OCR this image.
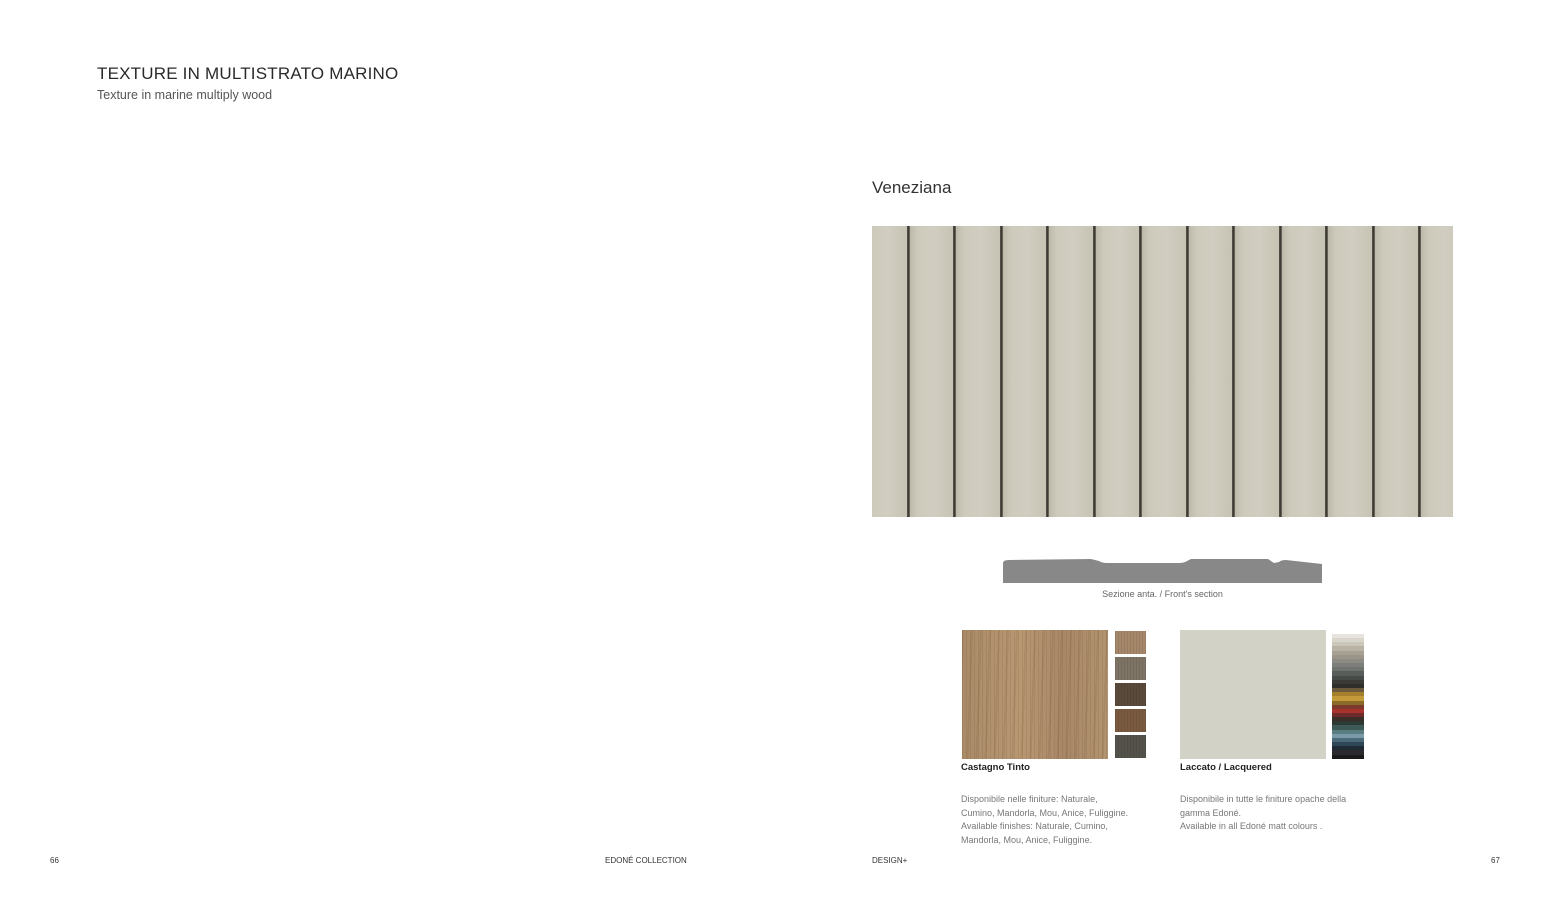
TEXTURE IN MULTISTRATO MARINO
Texture in marine multiply wood
Veneziana
Sezione anta. / Front's section
Castagno Tinto
Disponibile nelle finiture: Naturale,
Cumino, Mandorla, Mou, Anice, Fuliggine.
Available finishes: Naturale, Cumino,
Mandorla, Mou, Anice, Fuliggine.
Laccato / Lacquered
Disponibile in tutte le finiture opache della
gamma Edoné.
Available in all Edoné matt colours .
66	EDONÉ COLLECTION	DESIGN+	67
